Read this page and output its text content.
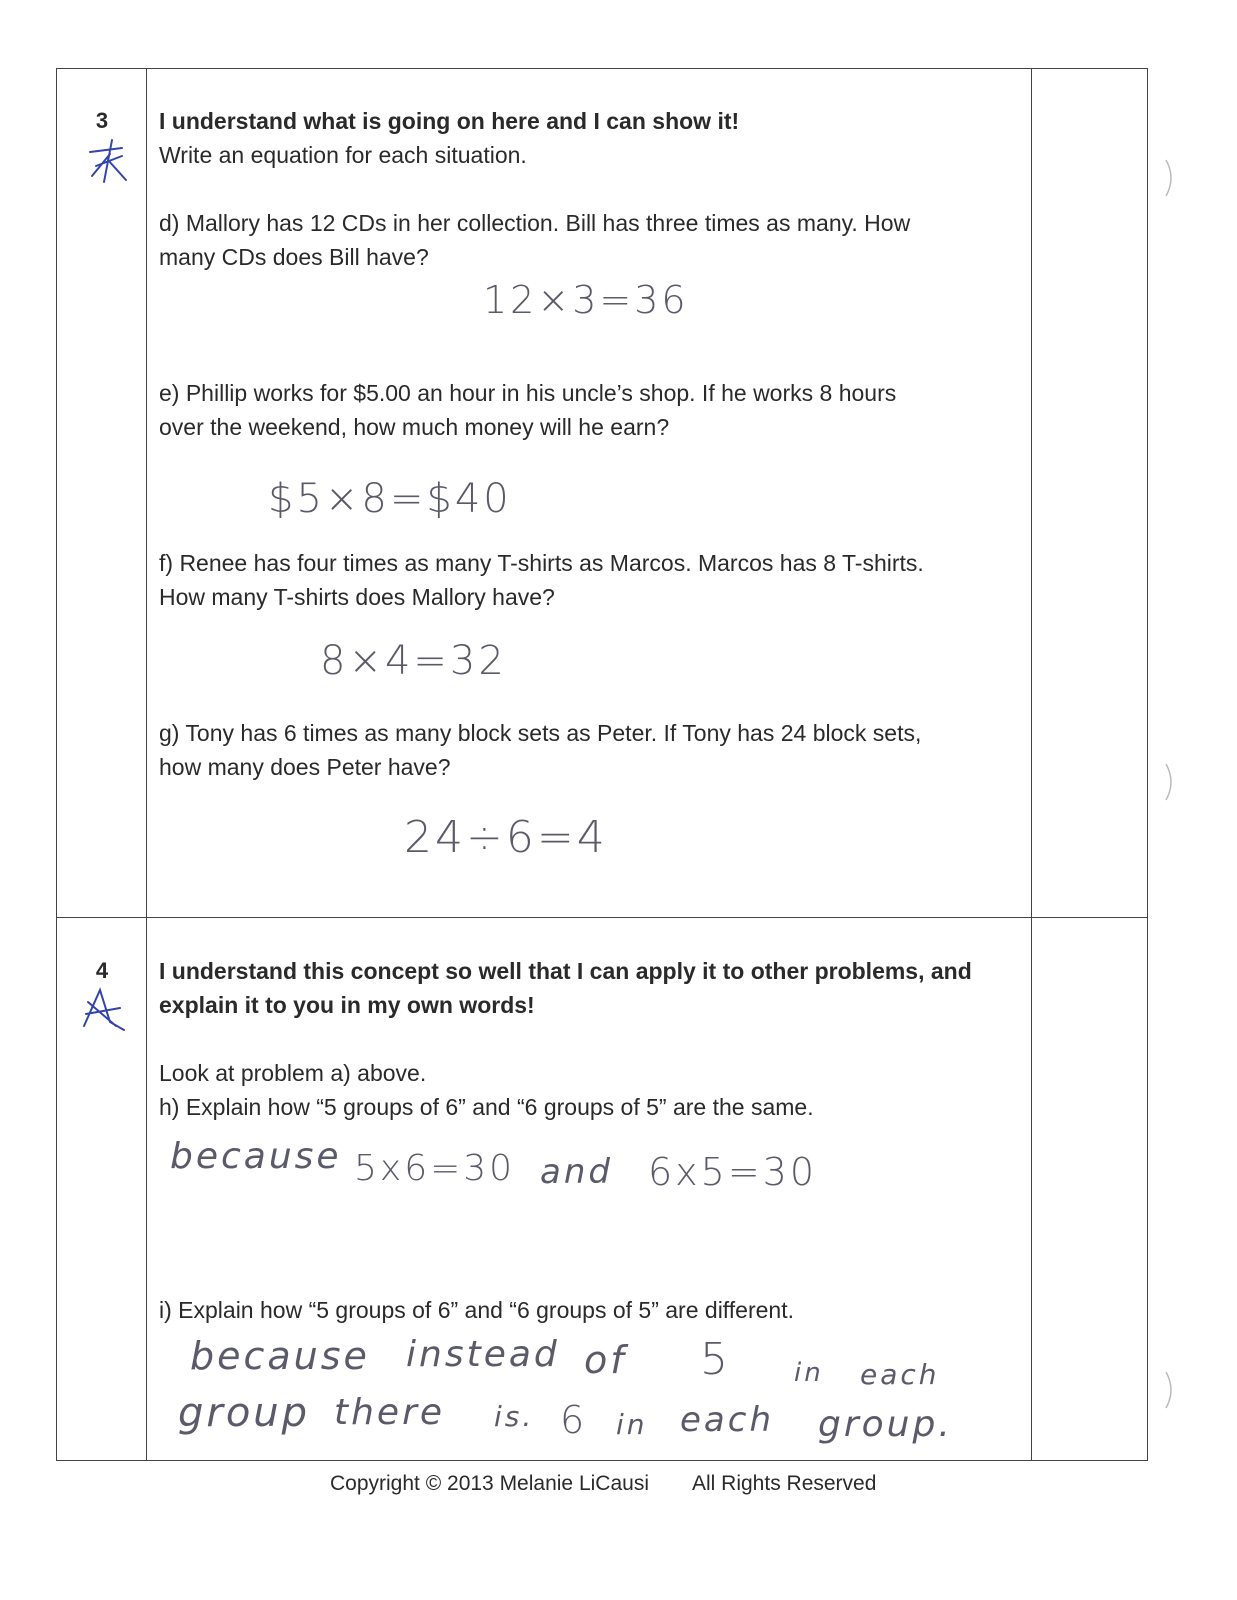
3	I understand what is going on here and I can show it!
Write an equation for each situation.
d) Mallory has 12 CDs in her collection. Bill has three times as many. How
many CDs does Bill have?
12×3=36
e) Phillip works for $5.00 an hour in his uncle’s shop. If he works 8 hours
over the weekend, how much money will he earn?
$5×8=$40
f) Renee has four times as many T-shirts as Marcos. Marcos has 8 T-shirts.
How many T-shirts does Mallory have?
8×4=32
g) Tony has 6 times as many block sets as Peter. If Tony has 24 block sets,
how many does Peter have?
24÷6=4
4	I understand this concept so well that I can apply it to other problems, and
explain it to you in my own words!
Look at problem a) above.
h) Explain how “5 groups of 6” and “6 groups of 5” are the same.
because 5x6=30 and 6x5=30
i) Explain how “5 groups of 6” and “6 groups of 5” are different.
because instead of 5 in each
group there is. 6 in each group.
Copyright © 2013 Melanie LiCausi All Rights Reserved
